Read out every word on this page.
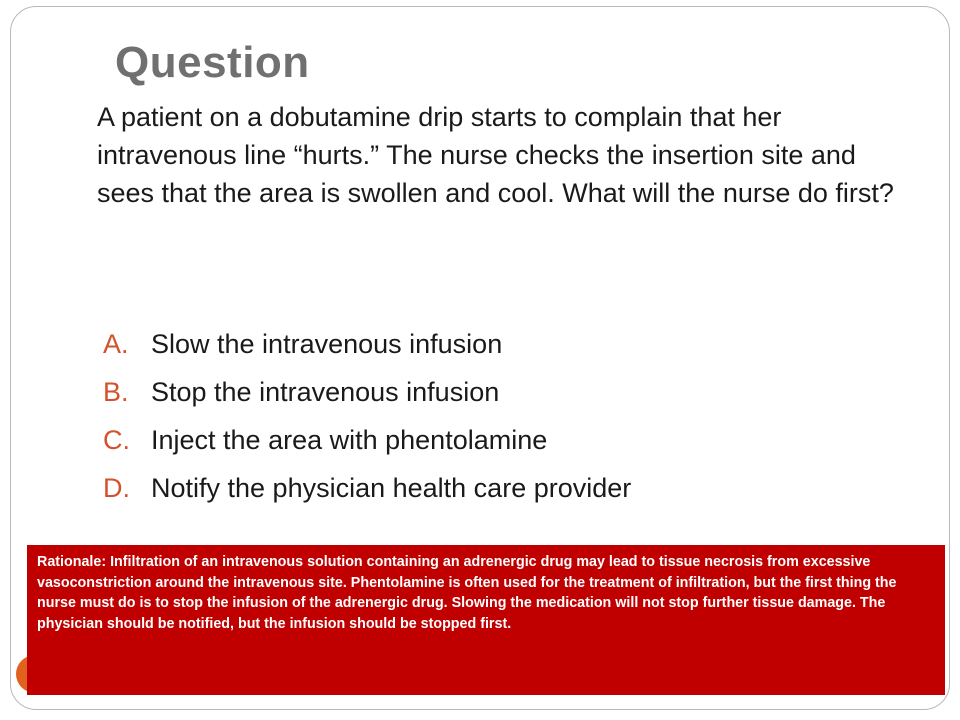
Question
A patient on a dobutamine drip starts to complain that her intravenous line “hurts.” The nurse checks the insertion site and sees that the area is swollen and cool. What will the nurse do first?
A. Slow the intravenous infusion
B. Stop the intravenous infusion
C. Inject the area with phentolamine
D. Notify the physician health care provider
Rationale: Infiltration of an intravenous solution containing an adrenergic drug may lead to tissue necrosis from excessive vasoconstriction around the intravenous site. Phentolamine is often used for the treatment of infiltration, but the first thing the nurse must do is to stop the infusion of the adrenergic drug. Slowing the medication will not stop further tissue damage. The physician should be notified, but the infusion should be stopped first.
